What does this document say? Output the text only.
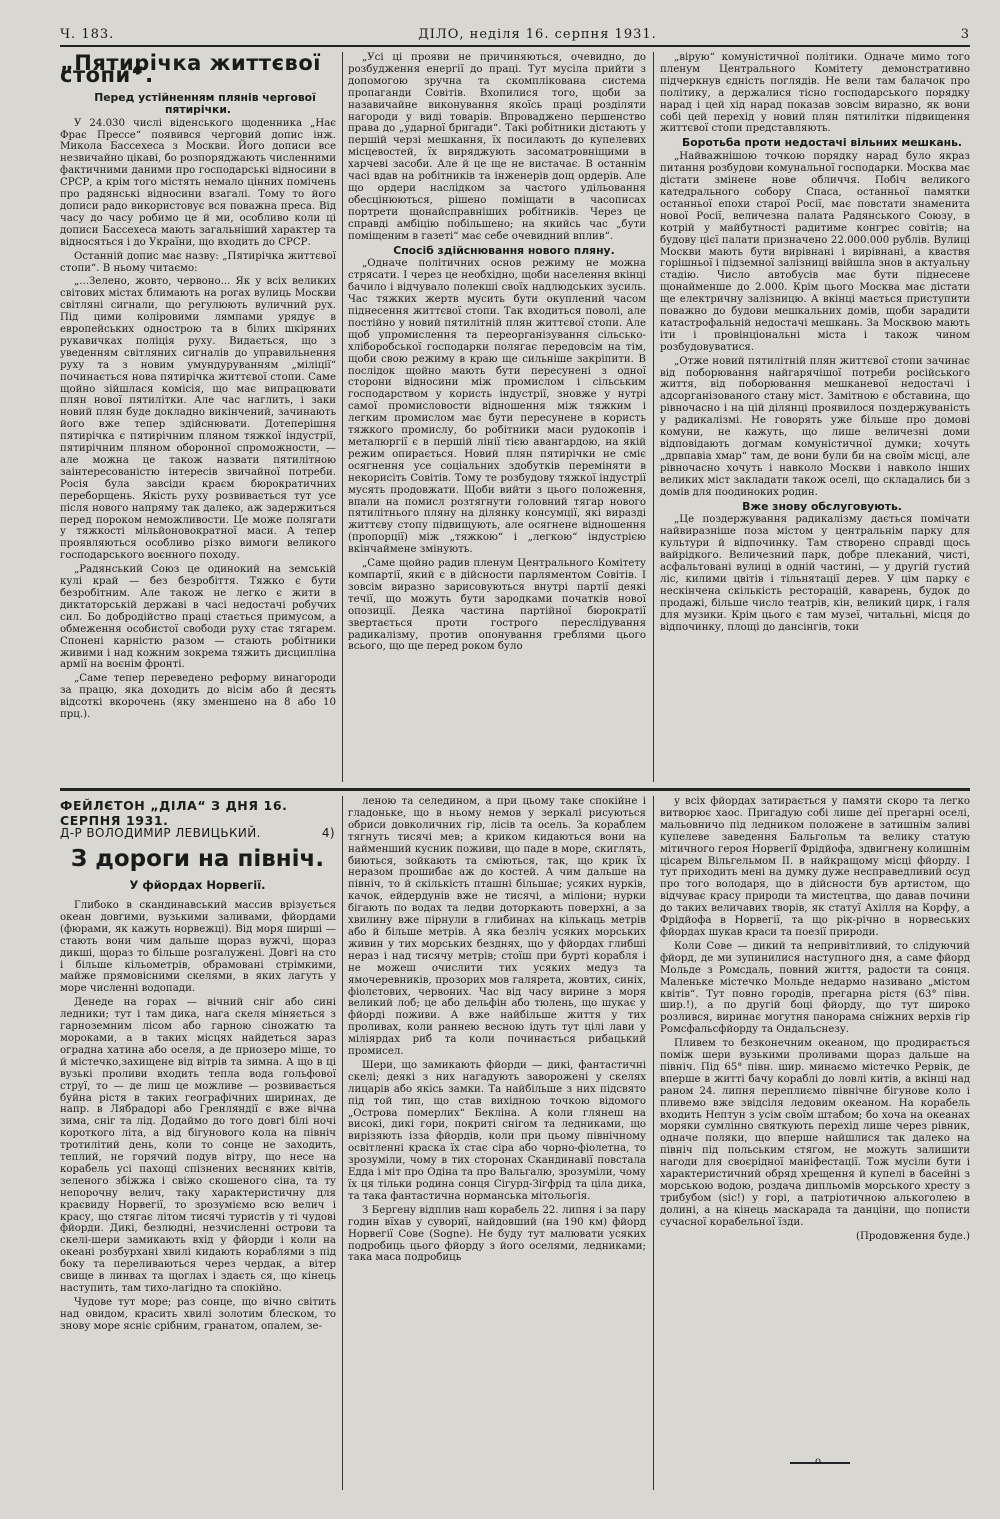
Ч. 183.	ДІЛО, неділя 16. серпня 1931.	3
„Пятирічка життєвої стопи“.

Перед устійненням плянів чергової пятирічки.

У 24.030 числі віденського щоденника „Нає Фрає Прессе“ появився черговий допис інж. Микола Бассехеса з Москви. Його дописи все незвичайно цікаві, бо розпоряджають численними фактичними даними про господарські відносини в СРСР, а крім того містять немало цінних помічень про радянські відносини взагалі. Тому то його дописи радо використовує вся поважна преса. Від часу до часу робимо це й ми, особливо коли ці дописи Бассехеса мають загальніший характер та відносяться і до України, що входить до СРСР.

Останній допис має назву: „Пятирічка життєвої стопи“. В ньому читаємо:

„...Зелено, жовто, червоно... Як у всіх великих світових містах блимають на рогах вулиць Москви світляні сигнали, що регулюють вуличний рух. Під цими коліровими лямпами урядує в европейських однострою та в білих шкіряних рукавичках поліція руху. Видається, що з уведенням світляних сигналів до управильнення руху та з новим умундуруванням „міліції“ починається нова пятирічка життєвої стопи. Саме щойно зійшлася комісія, що має випрацювати плян нової пятилітки. Але час наглить, і заки новий плян буде докладно викінчений, зачинають його вже тепер здійснювати. Дотеперішня пятирічка є пятирічним пляном тяжкої індустрії, пятирічним пляном оборонної спроможности, — але можна це також назвати пятилітною заінтересованістю інтересів звичайної потреби. Росія була завсіди краєм бюрократичних переборщень. Якість руху розвивається тут усе після нового напряму так далеко, аж задержиться перед пороком неможливости. Це може полягати у тяжкості мільйоновократної маси. А тепер проявляються особливо різко вимоги великого господарського воєнного походу.

„Радянський Союз це одинокий на земській кулі край — без безробіття. Тяжко є бути безробітним. Але також не легко є жити в диктаторській державі в часі недостачі робучих сил. Бо добродійство праці стається примусом, а обмеження особистої свободи руху стає тягарем. Спонені карністю разом — стають робітники живими і над кожним зокрема тяжить дисципліна армії на воєнім фронті.

„Саме тепер переведено реформу винагороди за працю, яка доходить до вісім або й десять відсоткі вкорочень (яку зменшено на 8 або 10 прц.).

„Усі ці прояви не причиняються, очевидно, до розбудження енергії до праці. Тут мусіла прийти з допомогою зручна та скомплікована система пропаганди Совітів. Вхопилися того, щоби за назавичайне виконування якоїсь праці розділяти нагороди у виді товарів. Впроваджено першенство права до „ударної бригади“. Такі робітники дістають у першій черзі мешкання, їх посилають до купелевих місцевостей, їх виряджують засоматровніщими в харчеві засоби. Але й це ще не вистачає. В останнім часі вдав на робітників та інженерів дощ ордерів. Але що ордери наслідком за частого удільовання обесцінюються, рішено поміщати в часописах портрети щонайсправніших робітників. Через це справді амбіцію побільшено; на якийсь час „бути поміщеним в газеті“ має себе очевидний вплив“.

Спосіб здійснювання нового пляну.

„Одначе політичних основ режиму не можна стрясати. І через це необхідно, щоби населення вкінці бачило і відчувало полекші своїх надлюдських зусиль. Час тяжких жертв мусить бути окуплений часом піднесення життєвої стопи. Так входиться поволі, але постійно у новий пятилітній плян життєвої стопи. Але щоб упромислення та переорганізування сільсько-хліборобської господарки полягає передовсім на тім, щоби свою режиму в краю ще сильніше закріпити. В послідок щойно мають бути пересунені з одної сторони відносини між промислом і сільським господарством у користь індустрії, зновже у нутрі самої промисловости відношення між тяжким і легким промислом має бути пересунене в користь тяжкого промислу, бо робітники маси рудокопів і металюргії є в першій лінії тією авангардою, на якій режим опирається. Новий плян пятирічки не сміє осягнення усе соціальних здобутків переміняти в некорисіть Совітів. Тому те розбудову тяжкої індустрії мусять продовжати. Щоби вийти з цього положення, впали на помисл розтягнути головний тягар нового пятилітнього пляну на ділянку консумції, які виразді життєву стопу підвищують, але осягнене відношення (пропорції) між „тяжкою“ і „легкою“ індустрією вкінчаймене змінують.

„Саме щойно радив пленум Центрального Комітету компартії, який є в дійсности парляментом Совітів. І зовсім виразно зарисовуються внутрі партії деякі течії, що можуть бути зародками початків нової опозиції. Деяка частина партійної бюрократії звертається проти гострого переслідування радикалізму, против опонування греблями цього всього, що ще перед роком було

„вірую“ комуністичної політики. Одначе мимо того пленум Центрального Комітету демонстративно підчеркнув єдність поглядів. Не вели там балачок про політику, а держалися тісно господарського порядку нарад і цей хід нарад показав зовсім виразно, як вони собі цей перехід у новий плян пятилітки підвищення життєвої стопи представляють.

Боротьба проти недостачі вільних мешкань.

„Найважнішою точкою порядку нарад було якраз питання розбудови комунальної господарки. Москва має дістати змінене нове обличчя. Побіч великого катедрального собору Спаса, останньої памятки останньої епохи старої Росії, має повстати знаменита нової Росії, величезна палата Радянського Союзу, в котрій у майбутності радитиме конгрес совітів; на будову цієї палати призначено 22.000.000 рублів. Вулиці Москви мають бути вирівнані і вирівнані, а кваствя горішньої і підземної залізниці ввійшла знов в актуальну стадію. Число автобусів має бути піднесене щонайменше до 2.000. Крім цього Москва має дістати ще електричну залізницю. А вкінці мається приступити поважно до будови мешкальних домів, щоби зарадити катастрофальній недостачі мешкань. За Москвою мають іти і провінціональні міста і також чином розбудовуватися.

„Отже новий пятилітній плян життєвої стопи зачинає від поборювання найгарячішої потреби російського життя, від поборювання мешканевої недостачі і адсорганізованого стану міст. Замітною є обставина, що рівночасно і на цій ділянці проявилося поздержуваність у радикалізмі. Не говорять уже більше про домові комуни, не кажуть, що лише величезні доми відповідають догмам комуністичної думки; хочуть „дрвпавіа хмар“ там, де вони були би на своїм місці, але рівночасно хочуть і навколо Москви і навколо інших великих міст закладати також оселі, що складались би з домів для поодиноких родин.

Вже знову обслуговують.

„Це поздержування радикалізму дається помічати найвиразніше поза містом у центральнім парку для культури й відпочинку. Там створено справді щось вайрідкого. Величезний парк, добре плеканий, чисті, асфальтовані вулиці в одній частині, — у другій густий ліс, килими цвітів і тільнятації дерев. У цім парку є нескінчена скількість ресторацій, каварень, будок до продажі, більше число театрів, кін, великий цирк, і галя для музики. Крім цього є там музеї, читальні, місця до відпочинку, площі до дансінгів, токи

ФЕЙЛЄТОН „ДІЛА“ З ДНЯ 16. СЕРПНЯ 1931.
Д-Р ВОЛОДИМИР ЛЕВИЦЬКИЙ.	4)
З дороги на північ.
У фйордах Норвегії.

Глибоко в скандинавський массив врізується океан довгими, вузькими заливами, фйордами (фюрами, як кажуть норвежці). Від моря ширші — стають вони чим дальше щораз вужчі, щораз дикші, щораз то більше розгалужені. Довгі на сто і більше кільометрів, обрамовані стрімкими, майже прямовісними скелями, в яких лагуть у море численні водопади.

Денеде на горах — вічний сніг або сині ледники; тут і там дика, нага скеля міняється з гарноземним лісом або гарною сіножатю та мороками, а в таких місцях найдеться зараз оградна хатина або оселя, а де приозеро міше, то й містечко,захищене від вітрів та зимна. А що в ці вузькі проливи входить тепла вода гольфової струї, то — де лиш це можливе — розвивається буйна рістя в таких географічних ширинах, де напр. в Лябрадорі або Гренляндії є вже вічна зима, сніг та лід. Додаймо до того довгі білі ночі короткого літа, а від бігунового кола на північ тротилітий день, коли то сонце не заходить, теплий, не горячий подув вітру, що несе на корабель усі пахощі спізнених весняних квітів, зеленого збіжжа і свіжо скошеного сіна, та ту непорочну велич, таку характеристичну для краєвиду Норвегії, то зрозуміємо всю велич і красу, що стягає літом тисячі туристів у ті чудові фйорди. Дикі, безлюдні, незчисленні острови та скелі-шери замикають вхід у фйорди і коли на океані розбурхані хвилі кидають кораблями з під боку та переливаються через чердак, а вітер свище в линвах та щоглах і здаєть ся, що кінець наступить, там тихо-лагідно та спокійно.

Чудове тут море; раз сонце, що вічно світить над овидом, красить хвилі золотим блеском, то знову море ясніє срібним, гранатом, опалем, зе-

леною та селедином, а при цьому таке спокійне і гладоньке, що в ньому немов у зеркалі рисуються обриси довколичних гір, лісів та осель. За кораблем тягнуть тисячі мев; а криком кидаються вони на найменший кусник поживи, що паде в море, скиглять, биються, зойкають та сміються, так, що крик їх неразом прошибає аж до костей. А чим дальше на північ, то й скількість пташні більшає; усяких нурків, качок, ейдердунів вже не тисячі, а міліони; нурки бігають по водах та ледви доторкають поверхні, а за хвилину вже пірнули в глибинах на кількаць метрів або й більше метрів. А яка безліч усяких морських живин у тих морських безднях, що у фйордах глибші нераз і над тисячу метрів; стоїш при бурті корабля і не можеш очислити тих усяких медуз та ямочеревників, прозорих мов галярета, жовтих, синіх, фіолєтових, червоних. Час від часу вирине з моря великий лоб; це або дельфін або тюлень, що шукає у фйорді поживи. А вже найбільше життя у тих проливах, коли раннею весною ідуть тут цілі лави у міліярдах риб та коли починається рибацький промисел.

Шери, що замикають фйорди — дикі, фантастичні скелі; деякі з них нагадують заворожені у скелях лицарів або якісь замки. Та найбільше з них підсвято під той тип, що став вихідною точкою відомого „Острова померлих“ Бекліна. А коли глянеш на високі, дикі гори, покриті снігом та ледниками, що вирізяють ізза фйордів, коли при цьому північному освітленні краска їх стає сіра або чорно-фіолетна, то зрозуміли, чому в тих сторонах Скандинавії повстала Едда і міт про Одіна та про Вальгалю, зрозуміли, чому їх ця тільки родина сонця Сігурд-Зігфрід та ціла дика, та така фантастична норманська мітольогія.

З Бергену відплив наш корабель 22. липня і за пару годин вїхав у сувориї, найдовший (на 190 км) фйорд Норвегії Сове (Sogne). Не буду тут малювати усяких подробиць цього фйорду з його оселями, ледниками; така маса подробиць

у всіх фйордах затирається у памяти скоро та легко витворює хаос. Пригадую собі лише деї прегарні оселі, мальовничо під ледником положене в затишнім заливі купелеве заведення Бальгольм та велику статую мітичного героя Норвегії Фрідйофа, здвигнену колишнім цісарем Вільгельмом II. в найкращому місці фйорду. І тут приходить мені на думку дуже несправедливий осуд про того володаря, що в дійсности був артистом, що відчуває красу природи та мистецтва, що давав почини до таких величавих творів, як статуї Ахілля на Корфу, а Фрідйофа в Норвегії, та що рік-річно в норвеських фйордах шукав краси та поезії природи.

Коли Сове — дикий та непривітливий, то слідуючий фйорд, де ми зупинилися наступного дня, а саме фйорд Мольде з Ромсдаль, повний життя, радости та сонця. Маленьке містечко Мольде недармо називано „містом квітів“. Тут повно городів, прегарна рістя (63° півн. шир.!), а по другій боці фйорду, що тут широко розлився, виринає могутня панорама сніжних верхів гір Ромсфальсфйорду та Ондальснезу.

Пливем то безконечним океаном, що продирається поміж шери вузькими проливами щораз дальше на північ. Під 65° півн. шир. минаємо містечко Рервік, де вперше в житті бачу кораблі до ловлі китів, а вкінці над раном 24. липня переплиємо північне бігунове коло і пливемо вже звідсіля ледовим океаном. На корабель входить Нептун з усім своїм штабом; бо хоча на океанах моряки сумлінно святкують перехід лише через рівник, одначе поляки, що вперше найшлися так далеко на північ під польським стягом, не можуть залишити нагоди для своєрідної маніфестації. Тож мусіли бути і характеристичний обряд хрещення й купелі в басейні з морською водою, роздача дипльомів морського хресту з трибубом (sic!) у горі, а патріотичною алькоголею в долині, а на кінець маскарада та данціни, що пописти сучасної корабельної їзди.

(Продовження буде.)

о
